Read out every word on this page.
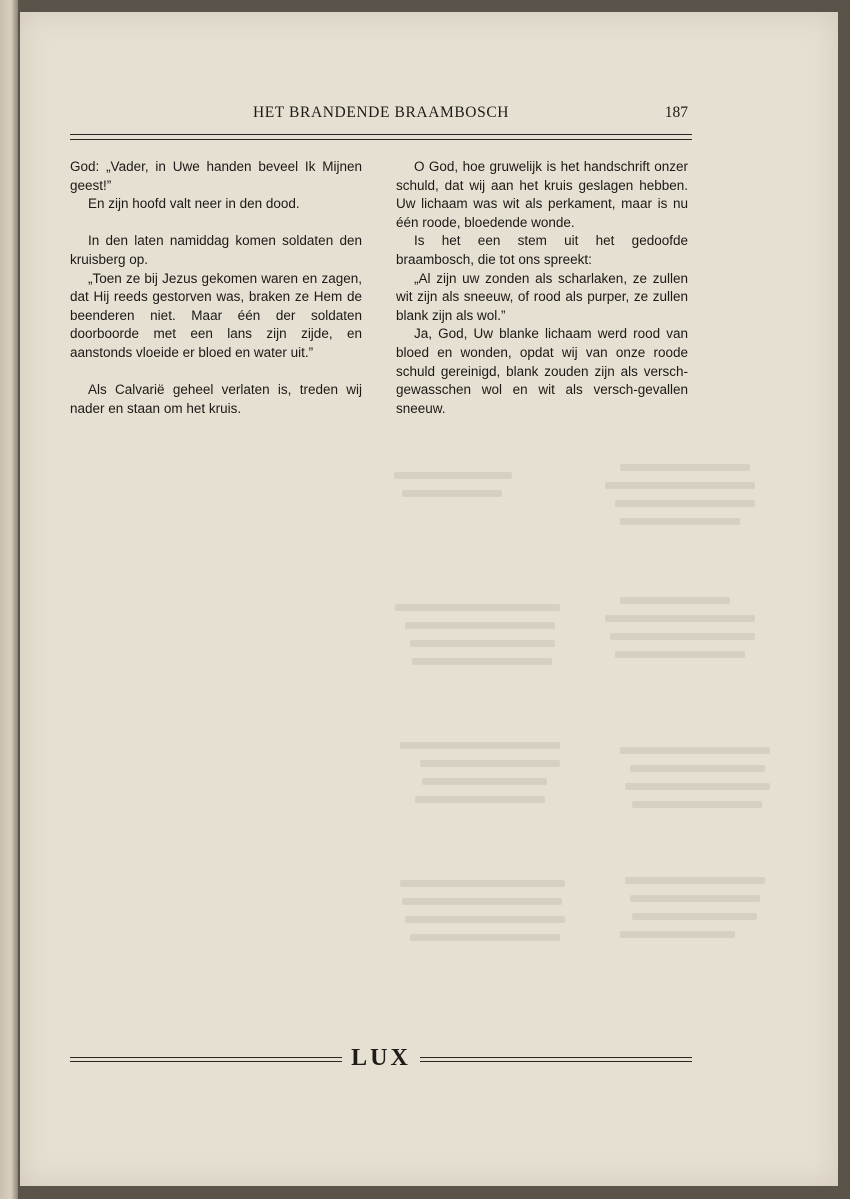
HET BRANDENDE BRAAMBOSCH	187

God: „Vader, in Uwe handen beveel Ik Mijnen geest!”

En zijn hoofd valt neer in den dood.

In den laten namiddag komen soldaten den kruisberg op.

„Toen ze bij Jezus gekomen waren en zagen, dat Hij reeds gestorven was, braken ze Hem de beenderen niet. Maar één der soldaten doorboorde met een lans zijn zijde, en aanstonds vloeide er bloed en water uit.”

Als Calvarië geheel verlaten is, treden wij nader en staan om het kruis.

O God, hoe gruwelijk is het handschrift onzer schuld, dat wij aan het kruis geslagen hebben. Uw lichaam was wit als perkament, maar is nu één roode, bloedende wonde.

Is het een stem uit het gedoofde braambosch, die tot ons spreekt:

„Al zijn uw zonden als scharlaken, ze zullen wit zijn als sneeuw, of rood als purper, ze zullen blank zijn als wol.”

Ja, God, Uw blanke lichaam werd rood van bloed en wonden, opdat wij van onze roode schuld gereinigd, blank zouden zijn als versch-gewasschen wol en wit als versch-gevallen sneeuw.

LUX
